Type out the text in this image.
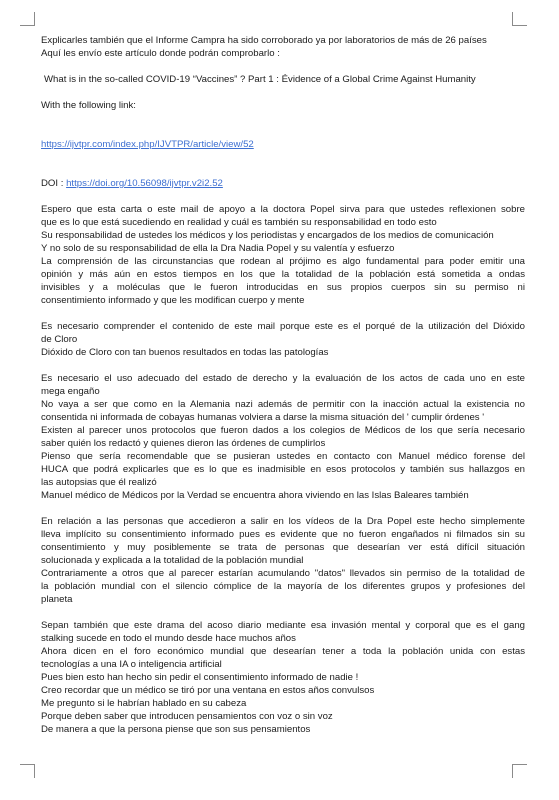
Explicarles también que el Informe Campra ha sido corroborado ya por laboratorios de más de 26 países
Aquí les envío este artículo donde podrán comprobarlo :
What is in the so-called COVID-19 “Vaccines” ? Part 1 : Évidence of a Global Crime Against Humanity
With the following link:
https://ijvtpr.com/index.php/IJVTPR/article/view/52
DOI : https://doi.org/10.56098/ijvtpr.v2i2.52
Espero que esta carta o este mail de apoyo a la doctora Popel sirva para que ustedes reflexionen sobre
que es lo que está sucediendo en realidad y cuál es también su responsabilidad en todo esto
Su responsabilidad de ustedes los médicos y los periodistas y encargados de los medios de comunicación
Y no solo de su responsabilidad de ella la Dra Nadia Popel y su valentía y esfuerzo
La comprensión de las circunstancias que rodean al prójimo es algo fundamental para poder emitir una
opinión y más aún en estos tiempos en los que la totalidad de la población está sometida a ondas
invisibles y a moléculas que le fueron introducidas en sus propios cuerpos sin su permiso ni
consentimiento informado y que les modifican cuerpo y mente
Es necesario comprender el contenido de este mail porque este es el porqué de la utilización del Dióxido
de Cloro
Dióxido de Cloro con tan buenos resultados en todas las patologías
Es necesario el uso adecuado del estado de derecho y la evaluación de los actos de cada uno en este
mega engaño
No vaya a ser que como en la Alemania nazi además de permitir con la inacción actual la existencia no
consentida ni informada de cobayas humanas volviera a darse la misma situación del ' cumplir órdenes '
Existen al parecer unos protocolos que fueron dados a los colegios de Médicos de los que sería necesario
saber quién los redactó y quienes dieron las órdenes de cumplirlos
Pienso que sería recomendable que se pusieran ustedes en contacto con Manuel médico forense del
HUCA que podrá explicarles que es lo que es inadmisible en esos protocolos y también sus hallazgos en
las autopsias que él realizó
Manuel médico de Médicos por la Verdad se encuentra ahora viviendo en las Islas Baleares también
En relación a las personas que accedieron a salir en los vídeos de la Dra Popel este hecho simplemente
lleva implícito su consentimiento informado pues es evidente que no fueron engañados ni filmados sin su
consentimiento y muy posiblemente se trata de personas que desearían ver está difícil situación
solucionada y explicada a la totalidad de la población mundial
Contrariamente a otros que al parecer estarían acumulando "datos" llevados sin permiso de la totalidad de
la población mundial con el silencio cómplice de la mayoría de los diferentes grupos y profesiones del
planeta
Sepan también que este drama del acoso diario mediante esa invasión mental y corporal que es el gang
stalking sucede en todo el mundo desde hace muchos años
Ahora dicen en el foro económico mundial que desearían tener a toda la población unida con estas
tecnologías a una IA o inteligencia artificial
Pues bien esto han hecho sin pedir el consentimiento informado de nadie !
Creo recordar que un médico se tiró por una ventana en estos años convulsos
Me pregunto si le habrían hablado en su cabeza
Porque deben saber que introducen pensamientos con voz o sin voz
De manera a que la persona piense que son sus pensamientos
